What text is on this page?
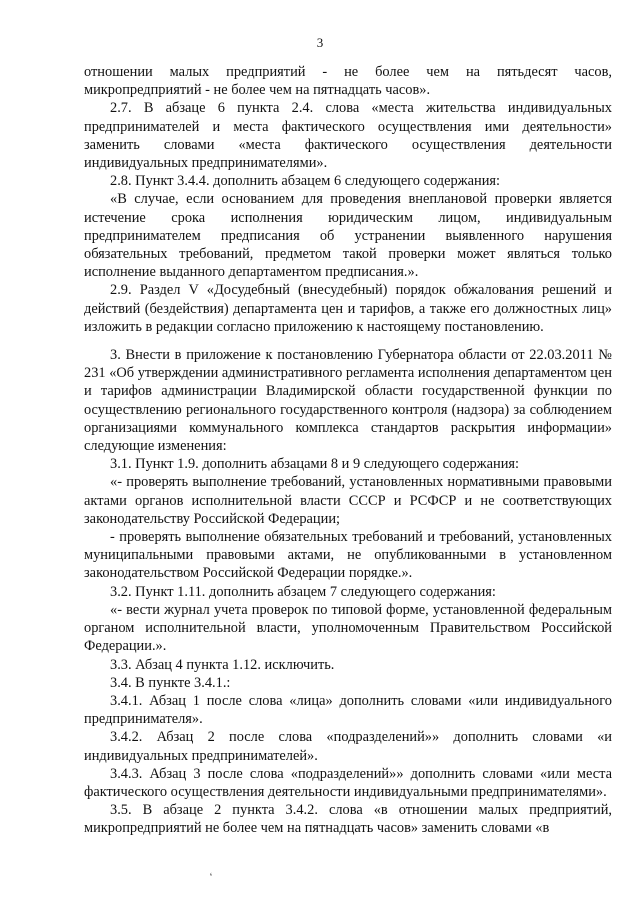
3

отношении малых предприятий - не более чем на пятьдесят часов, микропредприятий - не более чем на пятнадцать часов».

2.7. В абзаце 6 пункта 2.4. слова «места жительства индивидуальных предпринимателей и места фактического осуществления ими деятельности» заменить словами «места фактического осуществления деятельности индивидуальных предпринимателями».

2.8. Пункт 3.4.4. дополнить абзацем 6 следующего содержания:

«В случае, если основанием для проведения внеплановой проверки является истечение срока исполнения юридическим лицом, индивидуальным предпринимателем предписания об устранении выявленного нарушения обязательных требований, предметом такой проверки может являться только исполнение выданного департаментом предписания.».

2.9. Раздел V «Досудебный (внесудебный) порядок обжалования решений и действий (бездействия) департамента цен и тарифов, а также его должностных лиц» изложить в редакции согласно приложению к настоящему постановлению.

3. Внести в приложение к постановлению Губернатора области от 22.03.2011 № 231 «Об утверждении административного регламента исполнения департаментом цен и тарифов администрации Владимирской области государственной функции по осуществлению регионального государственного контроля (надзора) за соблюдением организациями коммунального комплекса стандартов раскрытия информации» следующие изменения:

3.1. Пункт 1.9. дополнить абзацами 8 и 9 следующего содержания:

«- проверять выполнение требований, установленных нормативными правовыми актами органов исполнительной власти СССР и РСФСР и не соответствующих законодательству Российской Федерации;

- проверять выполнение обязательных требований и требований, установленных муниципальными правовыми актами, не опубликованными в установленном законодательством Российской Федерации порядке.».

3.2. Пункт 1.11. дополнить абзацем 7 следующего содержания:

«- вести журнал учета проверок по типовой форме, установленной федеральным органом исполнительной власти, уполномоченным Правительством Российской Федерации.».

3.3. Абзац 4 пункта 1.12. исключить.

3.4. В пункте 3.4.1.:

3.4.1. Абзац 1 после слова «лица» дополнить словами «или индивидуального предпринимателя».

3.4.2. Абзац 2 после слова «подразделений»» дополнить словами «и индивидуальных предпринимателей».

3.4.3. Абзац 3 после слова «подразделений»» дополнить словами «или места фактического осуществления деятельности индивидуальными предпринимателями».

3.5. В абзаце 2 пункта 3.4.2. слова «в отношении малых предприятий, микропредприятий не более чем на пятнадцать часов» заменить словами «в

ʻ
